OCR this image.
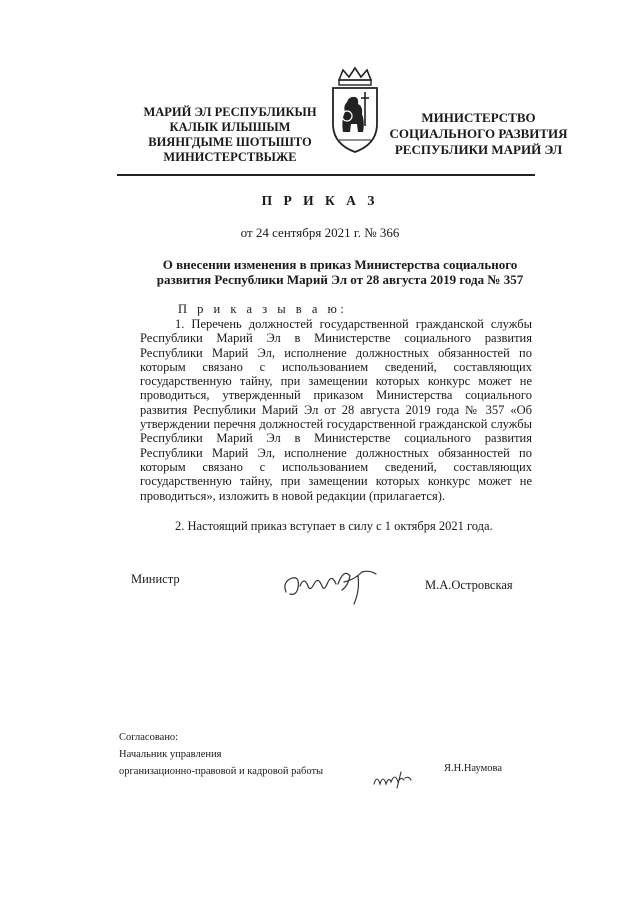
МАРИЙ ЭЛ РЕСПУБЛИКЫН
КАЛЫК ИЛЫШЫМ
ВИЯНГДЫМЕ ШОТЫШТО
МИНИСТЕРСТВЫЖЕ
МИНИСТЕРСТВО
СОЦИАЛЬНОГО РАЗВИТИЯ
РЕСПУБЛИКИ МАРИЙ ЭЛ
П Р И К А З
от 24 сентября 2021 г. № 366
О внесении изменения в приказ Министерства социального
развития Республики Марий Эл от 28 августа 2019 года № 357
П р и к а з ы в а ю:
1. Перечень должностей государственной гражданской службы Республики Марий Эл в Министерстве социального развития Республики Марий Эл, исполнение должностных обязанностей по которым связано с использованием сведений, составляющих государственную тайну, при замещении которых конкурс может не проводиться, утвержденный приказом Министерства социального развития Республики Марий Эл от 28 августа 2019 года № 357 «Об утверждении перечня должностей государственной гражданской службы Республики Марий Эл в Министерстве социального развития Республики Марий Эл, исполнение должностных обязанностей по которым связано с использованием сведений, составляющих государственную тайну, при замещении которых конкурс может не проводиться», изложить в новой редакции (прилагается).
2. Настоящий приказ вступает в силу с 1 октября 2021 года.
Министр	М.А.Островская
Согласовано:
Начальник управления
организационно-правовой и кадровой работы	Я.Н.Наумова
